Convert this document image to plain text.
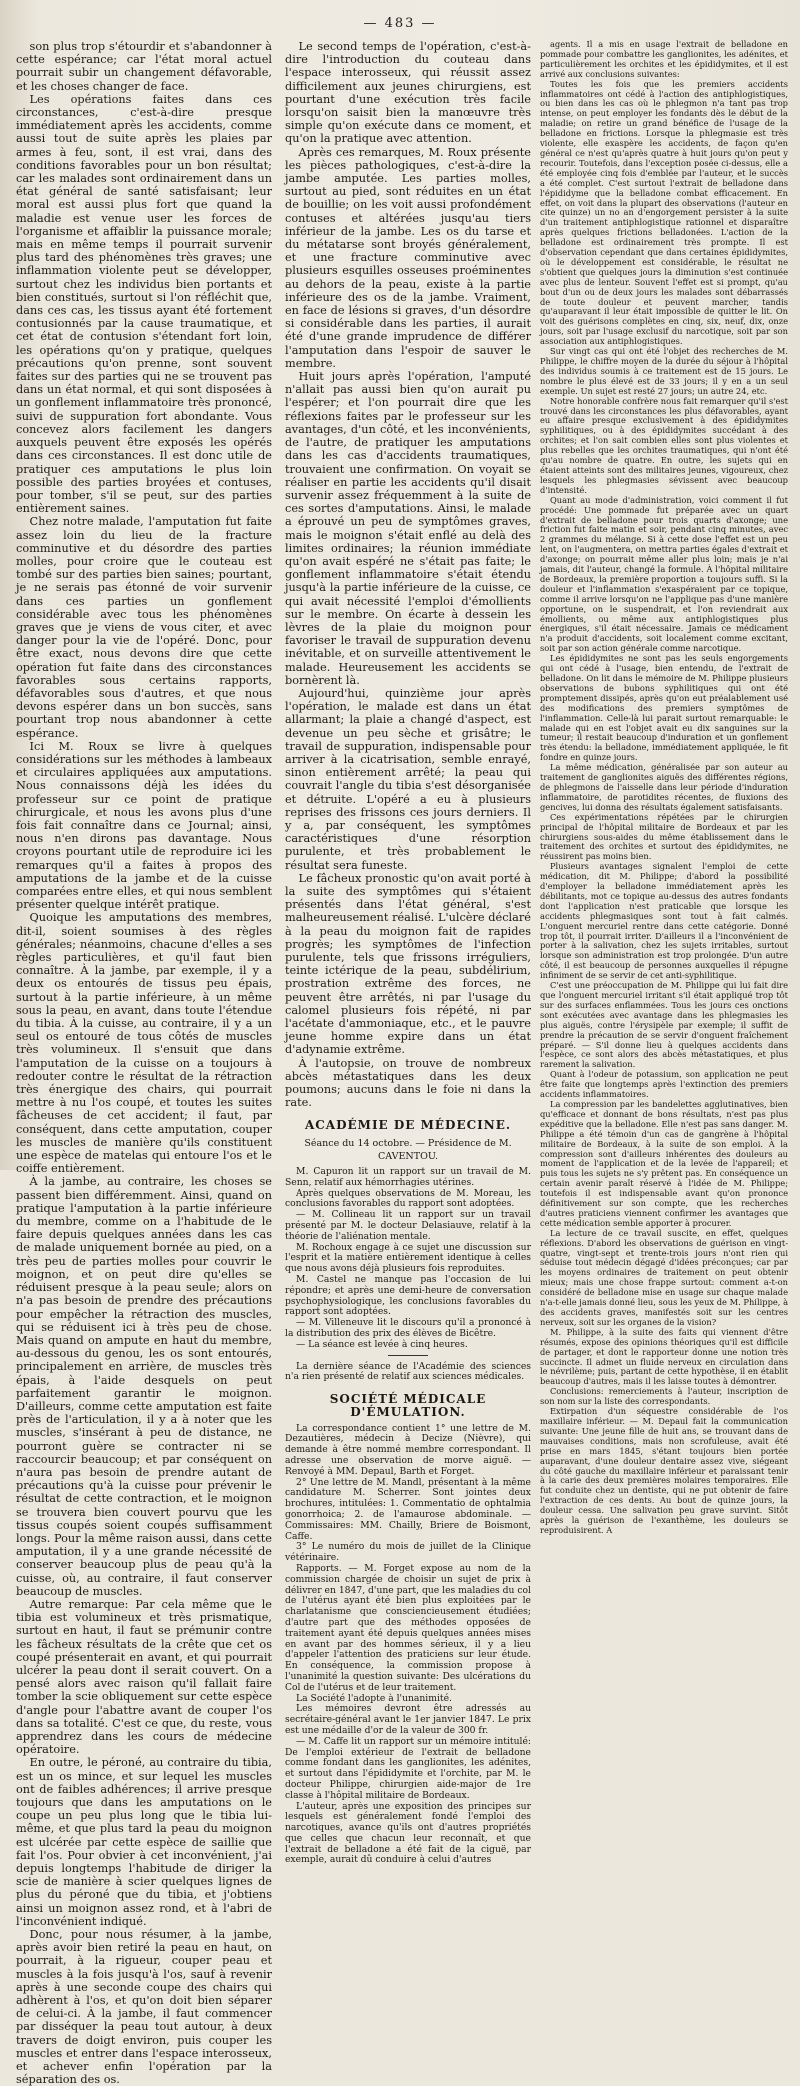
— 483 —

son plus trop s'étourdir et s'abandonner à cette espérance; car l'état moral actuel pourrait subir un changement défavorable, et les choses changer de face.

Les opérations faites dans ces circonstances, c'est-à-dire presque immédiatement après les accidents, comme aussi tout de suite après les plaies par armes à feu, sont, il est vrai, dans des conditions favorables pour un bon résultat; car les malades sont ordinairement dans un état général de santé satisfaisant; leur moral est aussi plus fort que quand la maladie est venue user les forces de l'organisme et affaiblir la puissance morale; mais en même temps il pourrait survenir plus tard des phénomènes très graves; une inflammation violente peut se développer, surtout chez les individus bien portants et bien constitués, surtout si l'on réfléchit que, dans ces cas, les tissus ayant été fortement contusionnés par la cause traumatique, et cet état de contusion s'étendant fort loin, les opérations qu'on y pratique, quelques précautions qu'on prenne, sont souvent faites sur des parties qui ne se trouvent pas dans un état normal, et qui sont disposées à un gonflement inflammatoire très prononcé, suivi de suppuration fort abondante. Vous concevez alors facilement les dangers auxquels peuvent être exposés les opérés dans ces circonstances. Il est donc utile de pratiquer ces amputations le plus loin possible des parties broyées et contuses, pour tomber, s'il se peut, sur des parties entièrement saines.

Chez notre malade, l'amputation fut faite assez loin du lieu de la fracture comminutive et du désordre des parties molles, pour croire que le couteau est tombé sur des parties bien saines; pourtant, je ne serais pas étonné de voir survenir dans ces parties un gonflement considérable avec tous les phénomènes graves que je viens de vous citer, et avec danger pour la vie de l'opéré. Donc, pour être exact, nous devons dire que cette opération fut faite dans des circonstances favorables sous certains rapports, défavorables sous d'autres, et que nous devons espérer dans un bon succès, sans pourtant trop nous abandonner à cette espérance.

Ici M. Roux se livre à quelques considérations sur les méthodes à lambeaux et circulaires appliquées aux amputations. Nous connaissons déjà les idées du professeur sur ce point de pratique chirurgicale, et nous les avons plus d'une fois fait connaître dans ce Journal; ainsi, nous n'en dirons pas davantage. Nous croyons pourtant utile de reproduire ici les remarques qu'il a faites à propos des amputations de la jambe et de la cuisse comparées entre elles, et qui nous semblent présenter quelque intérêt pratique.

Quoique les amputations des membres, dit-il, soient soumises à des règles générales; néanmoins, chacune d'elles a ses règles particulières, et qu'il faut bien connaître. À la jambe, par exemple, il y a deux os entourés de tissus peu épais, surtout à la partie inférieure, à un même sous la peau, en avant, dans toute l'étendue du tibia. À la cuisse, au contraire, il y a un seul os entouré de tous côtés de muscles très volumineux. Il s'ensuit que dans l'amputation de la cuisse on a toujours à redouter contre le résultat de la rétraction très énergique des chairs, qui pourrait mettre à nu l'os coupé, et toutes les suites fâcheuses de cet accident; il faut, par conséquent, dans cette amputation, couper les muscles de manière qu'ils constituent une espèce de matelas qui entoure l'os et le coiffe entièrement.

À la jambe, au contraire, les choses se passent bien différemment. Ainsi, quand on pratique l'amputation à la partie inférieure du membre, comme on a l'habitude de le faire depuis quelques années dans les cas de malade uniquement bornée au pied, on a très peu de parties molles pour couvrir le moignon, et on peut dire qu'elles se réduisent presque à la peau seule; alors on n'a pas besoin de prendre des précautions pour empêcher la rétraction des muscles, qui se réduisent ici à très peu de chose. Mais quand on ampute en haut du membre, au-dessous du genou, les os sont entourés, principalement en arrière, de muscles très épais, à l'aide desquels on peut parfaitement garantir le moignon. D'ailleurs, comme cette amputation est faite près de l'articulation, il y a à noter que les muscles, s'insérant à peu de distance, ne pourront guère se contracter ni se raccourcir beaucoup; et par conséquent on n'aura pas besoin de prendre autant de précautions qu'à la cuisse pour prévenir le résultat de cette contraction, et le moignon se trouvera bien couvert pourvu que les tissus coupés soient coupés suffisamment longs. Pour la même raison aussi, dans cette amputation, il y a une grande nécessité de conserver beaucoup plus de peau qu'à la cuisse, où, au contraire, il faut conserver beaucoup de muscles.

Autre remarque: Par cela même que le tibia est volumineux et très prismatique, surtout en haut, il faut se prémunir contre les fâcheux résultats de la crête que cet os coupé présenterait en avant, et qui pourrait ulcérer la peau dont il serait couvert. On a pensé alors avec raison qu'il fallait faire tomber la scie obliquement sur cette espèce d'angle pour l'abattre avant de couper l'os dans sa totalité. C'est ce que, du reste, vous apprendrez dans les cours de médecine opératoire.

En outre, le péroné, au contraire du tibia, est un os mince, et sur lequel les muscles ont de faibles adhérences; il arrive presque toujours que dans les amputations on le coupe un peu plus long que le tibia lui-même, et que plus tard la peau du moignon est ulcérée par cette espèce de saillie que fait l'os. Pour obvier à cet inconvénient, j'ai depuis longtemps l'habitude de diriger la scie de manière à scier quelques lignes de plus du péroné que du tibia, et j'obtiens ainsi un moignon assez rond, et à l'abri de l'inconvénient indiqué.

Donc, pour nous résumer, à la jambe, après avoir bien retiré la peau en haut, on pourrait, à la rigueur, couper peau et muscles à la fois jusqu'à l'os, sauf à revenir après à une seconde coupe des chairs qui adhèrent à l'os, et qu'on doit bien séparer de celui-ci. À la jambe, il faut commencer par disséquer la peau tout autour, à deux travers de doigt environ, puis couper les muscles et entrer dans l'espace interosseux, et achever enfin l'opération par la séparation des os.

Le second temps de l'opération, c'est-à-dire l'introduction du couteau dans l'espace interosseux, qui réussit assez difficilement aux jeunes chirurgiens, est pourtant d'une exécution très facile lorsqu'on saisit bien la manœuvre très simple qu'on exécute dans ce moment, et qu'on la pratique avec attention.

Après ces remarques, M. Roux présente les pièces pathologiques, c'est-à-dire la jambe amputée. Les parties molles, surtout au pied, sont réduites en un état de bouillie; on les voit aussi profondément contuses et altérées jusqu'au tiers inférieur de la jambe. Les os du tarse et du métatarse sont broyés généralement, et une fracture comminutive avec plusieurs esquilles osseuses proéminentes au dehors de la peau, existe à la partie inférieure des os de la jambe. Vraiment, en face de lésions si graves, d'un désordre si considérable dans les parties, il aurait été d'une grande imprudence de différer l'amputation dans l'espoir de sauver le membre.

Huit jours après l'opération, l'amputé n'allait pas aussi bien qu'on aurait pu l'espérer; et l'on pourrait dire que les réflexions faites par le professeur sur les avantages, d'un côté, et les inconvénients, de l'autre, de pratiquer les amputations dans les cas d'accidents traumatiques, trouvaient une confirmation. On voyait se réaliser en partie les accidents qu'il disait survenir assez fréquemment à la suite de ces sortes d'amputations. Ainsi, le malade a éprouvé un peu de symptômes graves, mais le moignon s'était enflé au delà des limites ordinaires; la réunion immédiate qu'on avait espéré ne s'était pas faite; le gonflement inflammatoire s'était étendu jusqu'à la partie inférieure de la cuisse, ce qui avait nécessité l'emploi d'émollients sur le membre. On écarte à dessein les lèvres de la plaie du moignon pour favoriser le travail de suppuration devenu inévitable, et on surveille attentivement le malade. Heureusement les accidents se bornèrent là.

Aujourd'hui, quinzième jour après l'opération, le malade est dans un état allarmant; la plaie a changé d'aspect, est devenue un peu sèche et grisâtre; le travail de suppuration, indispensable pour arriver à la cicatrisation, semble enrayé, sinon entièrement arrêté; la peau qui couvrait l'angle du tibia s'est désorganisée et détruite. L'opéré a eu à plusieurs reprises des frissons ces jours derniers. Il y a, par conséquent, les symptômes caractéristiques d'une résorption purulente, et très probablement le résultat sera funeste.

Le fâcheux pronostic qu'on avait porté à la suite des symptômes qui s'étaient présentés dans l'état général, s'est malheureusement réalisé. L'ulcère déclaré à la peau du moignon fait de rapides progrès; les symptômes de l'infection purulente, tels que frissons irréguliers, teinte ictérique de la peau, subdélirium, prostration extrême des forces, ne peuvent être arrêtés, ni par l'usage du calomel plusieurs fois répété, ni par l'acétate d'ammoniaque, etc., et le pauvre jeune homme expire dans un état d'adynamie extrême.

À l'autopsie, on trouve de nombreux abcès métastatiques dans les deux poumons; aucuns dans le foie ni dans la rate.

ACADÉMIE DE MÉDECINE.
Séance du 14 octobre. — Présidence de M. CAVENTOU.

M. Capuron lit un rapport sur un travail de M. Senn, relatif aux hémorrhagies utérines.

Après quelques observations de M. Moreau, les conclusions favorables du rapport sont adoptées.

— M. Collineau lit un rapport sur un travail présenté par M. le docteur Delasiauve, relatif à la théorie de l'aliénation mentale.

M. Rochoux engage à ce sujet une discussion sur l'esprit et la matière entièrement identique à celles que nous avons déjà plusieurs fois reproduites.

M. Castel ne manque pas l'occasion de lui répondre; et après une demi-heure de conversation psychophysiologique, les conclusions favorables du rapport sont adoptées.

— M. Villeneuve lit le discours qu'il a prononcé à la distribution des prix des élèves de Bicêtre.

— La séance est levée à cinq heures.

La dernière séance de l'Académie des sciences n'a rien présenté de relatif aux sciences médicales.

SOCIÉTÉ MÉDICALE D'ÉMULATION.

La correspondance contient 1° une lettre de M. Dezautières, médecin à Decize (Nièvre), qui demande à être nommé membre correspondant. Il adresse une observation de morve aiguë. — Renvoyé à MM. Depaul, Barth et Forget.

2° Une lettre de M. Mandl, présentant à la même candidature M. Scherrer. Sont jointes deux brochures, intitulées: 1. Commentatio de ophtalmia gonorrhoica; 2. de l'amaurose abdominale. — Commissaires: MM. Chailly, Briere de Boismont, Caffe.

3° Le numéro du mois de juillet de la Clinique vétérinaire.

Rapports. — M. Forget expose au nom de la commission chargée de choisir un sujet de prix à délivrer en 1847, d'une part, que les maladies du col de l'utérus ayant été bien plus exploitées par le charlatanisme que consciencieusement étudiées; d'autre part que des méthodes opposées de traitement ayant été depuis quelques années mises en avant par des hommes sérieux, il y a lieu d'appeler l'attention des praticiens sur leur étude. En conséquence, la commission propose à l'unanimité la question suivante: Des ulcérations du Col de l'utérus et de leur traitement.

La Société l'adopte à l'unanimité.

Les mémoires devront être adressés au secrétaire-général avant le 1er janvier 1847. Le prix est une médaille d'or de la valeur de 300 fr.

— M. Caffe lit un rapport sur un mémoire intitulé: De l'emploi extérieur de l'extrait de belladone comme fondant dans les ganglionites, les adénites, et surtout dans l'épididymite et l'orchite, par M. le docteur Philippe, chirurgien aide-major de 1re classe à l'hôpital militaire de Bordeaux.

L'auteur, après une exposition des principes sur lesquels est généralement fondé l'emploi des narcotiques, avance qu'ils ont d'autres propriétés que celles que chacun leur reconnaît, et que l'extrait de belladone a été fait de la ciguë, par exemple, aurait dû conduire à celui d'autres

agents. Il a mis en usage l'extrait de belladone en pommade pour combattre les ganglionites, les adénites, et particulièrement les orchites et les épididymites, et il est arrivé aux conclusions suivantes:

Toutes les fois que les premiers accidents inflammatoires ont cédé à l'action des antiphlogistiques, ou bien dans les cas où le phlegmon n'a tant pas trop intense, on peut employer les fondants dès le début de la maladie; on retire un grand bénéfice de l'usage de la belladone en frictions. Lorsque la phlegmasie est très violente, elle exaspère les accidents, de façon qu'en général ce n'est qu'après quatre à huit jours qu'on peut y recourir. Toutefois, dans l'exception posée ci-dessus, elle a été employée cinq fois d'emblée par l'auteur, et le succès a été complet. C'est surtout l'extrait de belladone dans l'épididyme que la belladone combat efficacement. En effet, on voit dans la plupart des observations (l'auteur en cite quinze) un no an d'engorgement persister à la suite d'un traitement antiphlogistique rationnel et disparaître après quelques frictions belladonées. L'action de la belladone est ordinairement très prompte. Il est d'observation cependant que dans certaines épididymites, où le développement est considérable, le résultat ne s'obtient que quelques jours la diminution s'est continuée avec plus de lenteur. Souvent l'effet est si prompt, qu'au bout d'un ou de deux jours les malades sont débarrassés de toute douleur et peuvent marcher, tandis qu'auparavant il leur était impossible de quitter le lit. On voit des guérisons complètes en cinq, six, neuf, dix, onze jours, soit par l'usage exclusif du narcotique, soit par son association aux antiphlogistiques.

Sur vingt cas qui ont été l'objet des recherches de M. Philippe, le chiffre moyen de la durée du séjour à l'hôpital des individus soumis à ce traitement est de 15 jours. Le nombre le plus élevé est de 33 jours; il y en a un seul exemple. Un sujet est resté 27 jours; un autre 24, etc.

Notre honorable confrère nous fait remarquer qu'il s'est trouvé dans les circonstances les plus défavorables, ayant eu affaire presque exclusivement à des épididymites syphilitiques, ou à des épididymites succédant à des orchites; et l'on sait combien elles sont plus violentes et plus rebelles que les orchites traumatiques, qui n'ont été qu'au nombre de quatre. En outre, les sujets qui en étaient atteints sont des militaires jeunes, vigoureux, chez lesquels les phlegmasies sévissent avec beaucoup d'intensité.

Quant au mode d'administration, voici comment il fut procédé: Une pommade fut préparée avec un quart d'extrait de belladone pour trois quarts d'axonge; une friction fut faite matin et soir, pendant cinq minutes, avec 2 grammes du mélange. Si à cette dose l'effet est un peu lent, on l'augmentera, on mettra parties égales d'extrait et d'axonge; on pourrait même aller plus loin; mais je n'ai jamais, dit l'auteur, changé la formule. À l'hôpital militaire de Bordeaux, la première proportion a toujours suffi. Si la douleur et l'inflammation s'exaspéraient par ce topique, comme il arrive lorsqu'on ne l'applique pas d'une manière opportune, on le suspendrait, et l'on reviendrait aux émollients, ou même aux antiphlogistiques plus énergiques, s'il était nécessaire. Jamais ce médicament n'a produit d'accidents, soit localement comme excitant, soit par son action générale comme narcotique.

Les épididymites ne sont pas les seuls engorgements qui ont cédé à l'usage, bien entendu, de l'extrait de belladone. On lit dans le mémoire de M. Philippe plusieurs observations de bubons syphilitiques qui ont été promptement dissipés, après qu'on eut préalablement usé des modifications des premiers symptômes de l'inflammation. Celle-là lui parait surtout remarquable: le malade qui en est l'objet avait eu dix sanguines sur la tumeur; il restait beaucoup d'induration et un gonflement très étendu: la belladone, immédiatement appliquée, le fit fondre en quinze jours.

La même médication, généralisée par son auteur au traitement de ganglionites aiguës des différentes régions, de phlegmons de l'aisselle dans leur période d'induration inflammatoire, de parotidites récentes, de fluxions des gencives, lui donna des résultats également satisfaisants.

Ces expérimentations répétées par le chirurgien principal de l'hôpital militaire de Bordeaux et par les chirurgiens sous-aides du même établissement dans le traitement des orchites et surtout des épididymites, ne réussirent pas moins bien.

Plusieurs avantages signalent l'emploi de cette médication, dit M. Philippe; d'abord la possibilité d'employer la belladone immédiatement après les débilitants, mot ce topique au-dessus des autres fondants dont l'application n'est praticable que lorsque les accidents phlegmasiques sont tout à fait calmés. L'onguent mercuriel rentre dans cette catégorie. Donné trop tôt, il pourrait irriter. D'ailleurs il a l'inconvénient de porter à la salivation, chez les sujets irritables, surtout lorsque son administration est trop prolongée. D'un autre côté, il est beaucoup de personnes auxquelles il répugne infiniment de se servir de cet anti-syphilitique.

C'est une préoccupation de M. Philippe qui lui fait dire que l'onguent mercuriel irritant s'il était appliqué trop tôt sur des surfaces enflammées. Tous les jours ces onctions sont exécutées avec avantage dans les phlegmasies les plus aiguës, contre l'érysipèle par exemple; il suffit de prendre la précaution de se servir d'onguent fraîchement préparé. — S'il donne lieu à quelques accidents dans l'espèce, ce sont alors des abcès métastatiques, et plus rarement la salivation.

Quant à l'odeur de potassium, son application ne peut être faite que longtemps après l'extinction des premiers accidents inflammatoires.

La compression par les bandelettes agglutinatives, bien qu'efficace et donnant de bons résultats, n'est pas plus expéditive que la belladone. Elle n'est pas sans danger. M. Philippe a été témoin d'un cas de gangrène à l'hôpital militaire de Bordeaux, à la suite de son emploi. À la compression sont d'ailleurs inhérentes des douleurs au moment de l'application et de la levée de l'appareil; et puis tous les sujets ne s'y prêtent pas. En conséquence un certain avenir paraît réservé à l'idée de M. Philippe; toutefois il est indispensable avant qu'on prononce définitivement sur son compte, que les recherches d'autres praticiens viennent confirmer les avantages que cette médication semble apporter à procurer.

La lecture de ce travail suscite, en effet, quelques réflexions. D'abord les observations de guérison en vingt-quatre, vingt-sept et trente-trois jours n'ont rien qui séduise tout médecin dégagé d'idées préconçues; car par les moyens ordinaires de traitement on peut obtenir mieux; mais une chose frappe surtout: comment a-t-on considéré de belladone mise en usage sur chaque malade n'a-t-elle jamais donné lieu, sous les yeux de M. Philippe, à des accidents graves, manifestés soit sur les centres nerveux, soit sur les organes de la vision?

M. Philippe, à la suite des faits qui viennent d'être résumés, expose des opinions théoriques qu'il est difficile de partager, et dont le rapporteur donne une notion très succincte. Il admet un fluide nerveux en circulation dans le névrilème; puis, partant de cette hypothèse, il en établit beaucoup d'autres, mais il les laisse toutes à démontrer.

Conclusions: remerciements à l'auteur, inscription de son nom sur la liste des correspondants.

Extirpation d'un séquestre considérable de l'os maxillaire inférieur. — M. Depaul fait la communication suivante: Une jeune fille de huit ans, se trouvant dans de mauvaises conditions, mais non scrofuleuse, avait été prise en mars 1845, s'étant toujours bien portée auparavant, d'une douleur dentaire assez vive, siégeant du côté gauche du maxillaire inférieur et paraissant tenir à la carie des deux premières molaires temporaires. Elle fut conduite chez un dentiste, qui ne put obtenir de faire l'extraction de ces dents. Au bout de quinze jours, la douleur cessa. Une salivation peu grave survint. Sitôt après la guérison de l'exanthème, les douleurs se reproduisirent. A
